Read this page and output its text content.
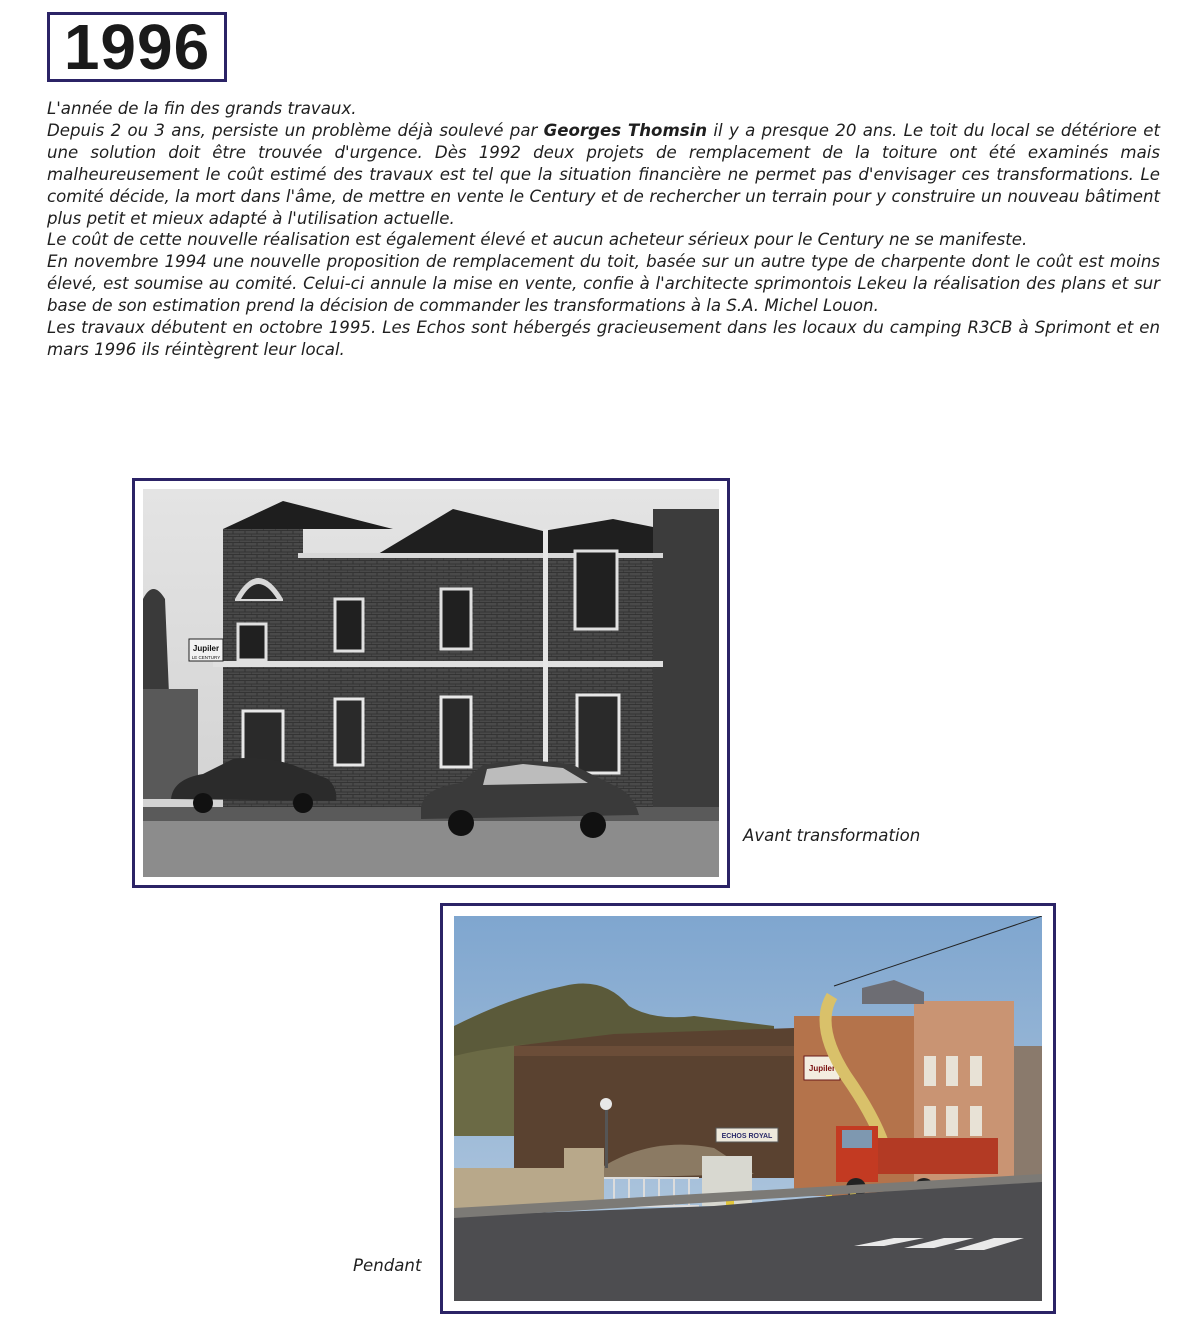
1996

L'année de la fin des grands travaux.

Depuis 2 ou 3 ans, persiste un problème déjà soulevé par Georges Thomsin il y a presque 20 ans. Le toit du local se détériore et une solution doit être trouvée d'urgence. Dès 1992 deux projets de remplacement de la toiture ont été examinés mais malheureusement le coût estimé des travaux est tel que la situation financière ne permet pas d'envisager ces transformations. Le comité décide, la mort dans l'âme, de mettre en vente le Century et de rechercher un terrain pour y construire un nouveau bâtiment plus petit et mieux adapté à l'utilisation actuelle.

Le coût de cette nouvelle réalisation est également élevé et aucun acheteur sérieux pour le Century ne se manifeste.

En novembre 1994 une nouvelle proposition de remplacement du toit, basée sur un autre type de charpente dont le coût est moins élevé, est soumise au comité. Celui-ci annule la mise en vente, confie à l'architecte sprimontois Lekeu la réalisation des plans et sur base de son estimation prend la décision de commander les transformations à la S.A. Michel Louon.

Les travaux débutent en octobre 1995. Les Echos sont hébergés gracieusement dans les locaux du camping R3CB à Sprimont et en mars 1996 ils réintègrent leur local.

Jupiler
LE CENTURY
Avant transformation
Jupiler
ECHOS ROYAL
Pendant
